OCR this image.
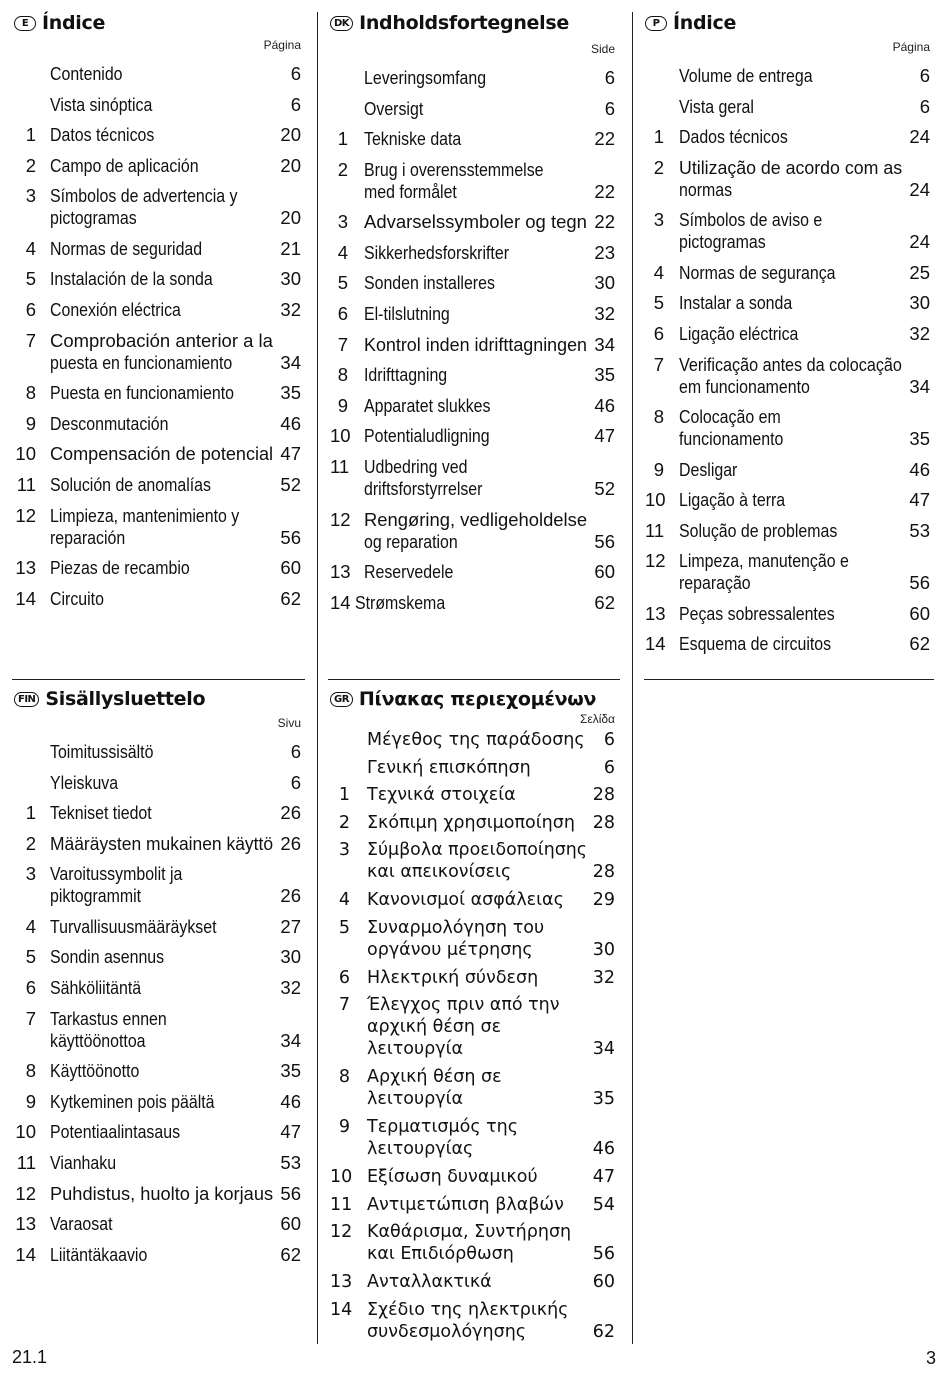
E Índice
Página
Contenido	6
Vista sinóptica	6
1 Datos técnicos	20
2 Campo de aplicación	20
3 Símbolos de advertencia y
pictogramas	20
4 Normas de seguridad	21
5 Instalación de la sonda	30
6 Conexión eléctrica	32
7 Comprobación anterior a la
puesta en funcionamiento	34
8 Puesta en funcionamiento	35
9 Desconmutación	46
10 Compensación de potencial 47
11 Solución de anomalías	52
12 Limpieza, mantenimiento y
reparación	56
13 Piezas de recambio	60
14 Circuito	62
DK Indholdsfortegnelse
Side
Leveringsomfang	6
Oversigt	6
1 Tekniske data	22
2 Brug i overensstemmelse
med formålet	22
3 Advarselssymboler og tegn 22
4 Sikkerhedsforskrifter	23
5 Sonden installeres	30
6 El-tilslutning	32
7 Kontrol inden idrifttagningen 34
8 Idrifttagning	35
9 Apparatet slukkes	46
10 Potentialudligning	47
11 Udbedring ved
driftsforstyrrelser	52
12 Rengøring, vedligeholdelse
og reparation	56
13 Reservedele	60
14 Strømskema	62
P Índice
Página
Volume de entrega	6
Vista geral	6
1 Dados técnicos	24
2 Utilização de acordo com as
normas	24
3 Símbolos de aviso e
pictogramas	24
4 Normas de segurança	25
5 Instalar a sonda	30
6 Ligação eléctrica	32
7 Verificação antes da colocação
em funcionamento	34
8 Colocação em
funcionamento	35
9 Desligar	46
10 Ligação à terra	47
11 Solução de problemas	53
12 Limpeza, manutenção e
reparação	56
13 Peças sobressalentes	60
14 Esquema de circuitos	62
FIN Sisällysluettelo
Sivu
Toimitussisältö	6
Yleiskuva	6
1 Tekniset tiedot	26
2 Määräysten mukainen käyttö 26
3 Varoitussymbolit ja
piktogrammit	26
4 Turvallisuusmääräykset	27
5 Sondin asennus	30
6 Sähköliitäntä	32
7 Tarkastus ennen
käyttöönottoa	34
8 Käyttöönotto	35
9 Kytkeminen pois päältä	46
10 Potentiaalintasaus	47
11 Vianhaku	53
12 Puhdistus, huolto ja korjaus 56
13 Varaosat	60
14 Liitäntäkaavio	62
GR Πίνακας περιεχομένων
Σελίδα
Μέγεθος της παράδοσης 6
Γενική επισκόπηση	6
1 Τεχνικά στοιχεία	28
2 Σκόπιμη χρησιμοποίηση 28
3 Σύμβολα προειδοποίησης
και απεικονίσεις	28
4 Κανονισμοί ασφάλειας 29
5 Συναρμολόγηση του
οργάνου μέτρησης	30
6 Ηλεκτρική σύνδεση	32
7 Έλεγχος πριν από την
αρχική θέση σε
λειτουργία	34
8 Αρχική θέση σε
λειτουργία	35
9 Τερματισμός της
λειτουργίας	46
10 Εξίσωση δυναμικού	47
11 Αντιμετώπιση βλαβών 54
12 Καθάρισμα, Συντήρηση
και Επιδιόρθωση	56
13 Ανταλλακτικά	60
14 Σχέδιο της ηλεκτρικής
συνδεσμολόγησης	62
21.1	3
